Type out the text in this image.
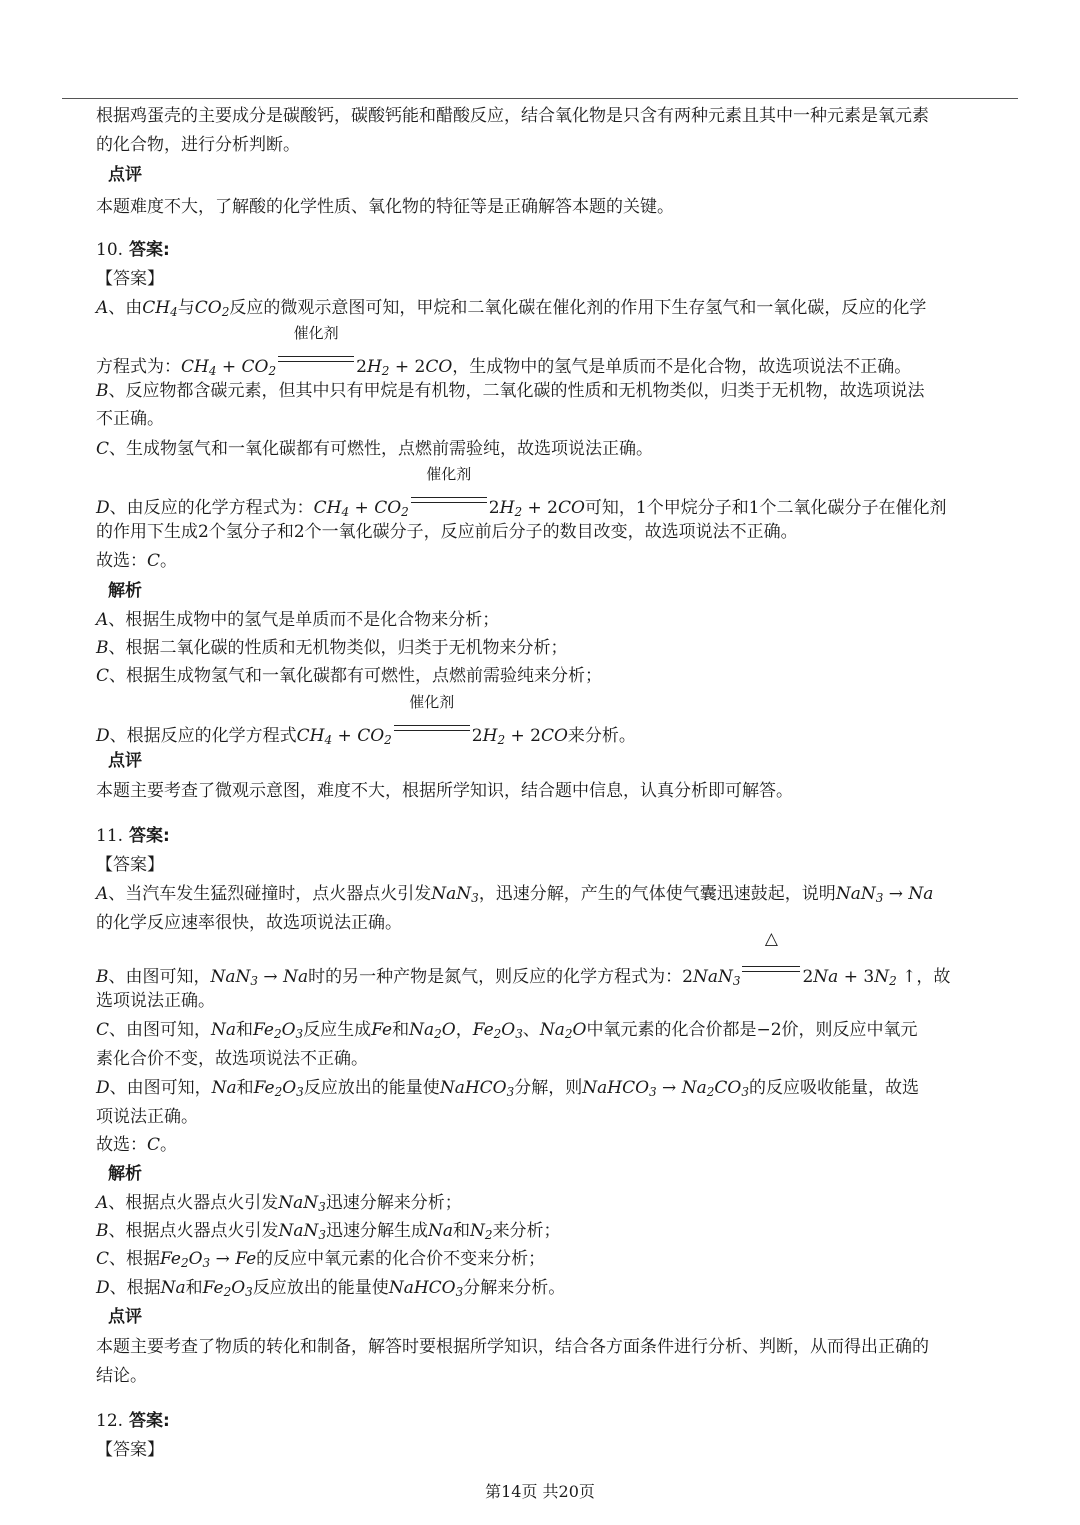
根据鸡蛋壳的主要成分是碳酸钙，碳酸钙能和醋酸反应，结合氧化物是只含有两种元素且其中一种元素是氧元素
的化合物，进行分析判断。
点评
本题难度不大，了解酸的化学性质、氧化物的特征等是正确解答本题的关键。
10. 答案:
【答案】
A、由$CH_4$与$CO_2$反应的微观示意图可知，甲烷和二氧化碳在催化剂的作用下生存氢气和一氧化碳，反应的化学
方程式为：$CH_4 + CO_2$
催化剂
$2H_2 + 2CO$，生成物中的氢气是单质而不是化合物，故选项说法不正确。
B、反应物都含碳元素，但其中只有甲烷是有机物，二氧化碳的性质和无机物类似，归类于无机物，故选项说法
不正确。
C、生成物氢气和一氧化碳都有可燃性，点燃前需验纯，故选项说法正确。
D、由反应的化学方程式为：$CH_4 + CO_2$
催化剂
$2H_2 + 2CO$可知，1个甲烷分子和1个二氧化碳分子在催化剂
的作用下生成2个氢分子和2个一氧化碳分子，反应前后分子的数目改变，故选项说法不正确。
故选：C。
解析
A、根据生成物中的氢气是单质而不是化合物来分析；
B、根据二氧化碳的性质和无机物类似，归类于无机物来分析；
C、根据生成物氢气和一氧化碳都有可燃性，点燃前需验纯来分析；
D、根据反应的化学方程式$CH_4 + CO_2$
催化剂
$2H_2 + 2CO$来分析。
点评
本题主要考查了微观示意图，难度不大，根据所学知识，结合题中信息，认真分析即可解答。
11. 答案:
【答案】
A、当汽车发生猛烈碰撞时，点火器点火引发NaN$_3$，迅速分解，产生的气体使气囊迅速鼓起，说明NaN$_3$ → Na
的化学反应速率很快，故选项说法正确。
B、由图可知，NaN$_3$ → Na时的另一种产物是氮气，则反应的化学方程式为：2NaN$_3$
△
$2Na + 3N_2$ ↑，故
选项说法正确。
C、由图可知，Na和$Fe_2O_3$反应生成Fe和$Na_2O$，$Fe_2O_3$、$Na_2O$中氧元素的化合价都是−2价，则反应中氧元
素化合价不变，故选项说法不正确。
D、由图可知，Na和$Fe_2O_3$反应放出的能量使NaHCO$_3$分解，则NaHCO$_3$ → $Na_2CO_3$的反应吸收能量，故选
项说法正确。
故选：C。
解析
A、根据点火器点火引发NaN$_3$迅速分解来分析；
B、根据点火器点火引发NaN$_3$迅速分解生成Na和$N_2$来分析；
C、根据$Fe_2O_3 \to Fe$的反应中氧元素的化合价不变来分析；
D、根据Na和$Fe_2O_3$反应放出的能量使NaHCO$_3$分解来分析。
点评
本题主要考查了物质的转化和制备，解答时要根据所学知识，结合各方面条件进行分析、判断，从而得出正确的
结论。
12. 答案:
【答案】
第14页 共20页
